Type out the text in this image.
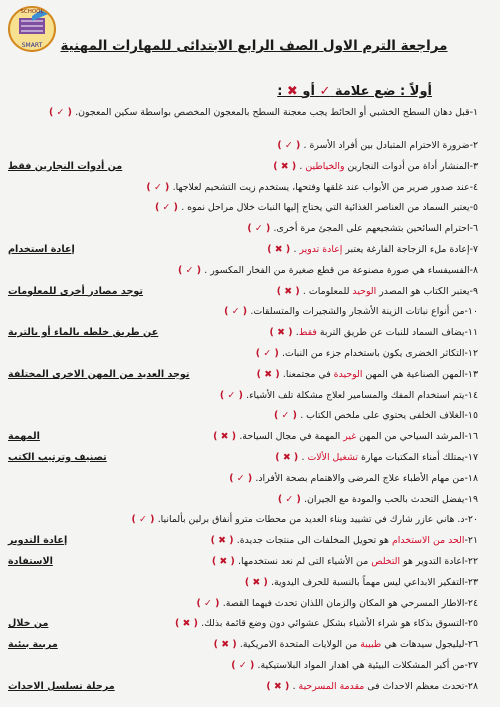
SCHOOL
SMART	مراجعة الترم الاول الصف الرابع الابتدائى للمهارات المهنية
أولاً : ضع علامة ✓ أو ✖ :
١-قبل دهان السطح الخشبي أو الحائط يجب معجنة السطح بالمعجون المخصص بواسطة سكين المعجون. ( ✓ )
٢-ضرورة الاحترام المتبادل بين أفراد الأسرة . ( ✓ )
٣-المنشار أداة من أدوات النجارين والخياطين . ( ✖ )
من أدوات النجارين فقط
٤-عند صدور صرير من الأبواب عند غلقها وفتحها، يستخدم زيت التشحيم لعلاجها. ( ✓ )
٥-يعتبر السماد من العناصر الغذائية التي يحتاج إليها النبات خلال مراحل نموه . ( ✓ )
٦-احترام السائحين بتشجيعهم على المجئ مرة أخرى. ( ✓ )
٧-إعادة ملء الزجاجة الفارغة يعتبر إعادة تدوير . ( ✖ )
إعادة استخدام
٨-الفسيفساء هي صورة مصنوعة من قطع صغيرة من الفخار المكسور . ( ✓ )
٩-يعتبر الكتاب هو المصدر الوحيد للمعلومات . ( ✖ )
توجد مصادر أخرى للمعلومات
١٠-من أنواع نباتات الزينة الأشجار والشجيرات والمتسلقات. ( ✓ )
١١-يضاف السماد للنبات عن طريق التربة فقط. ( ✖ )
عن طريق خلطه بالماء أو بالتربة
١٢-التكاثر الخضرى يكون باستخدام جزء من النبات. ( ✓ )
١٣-المهن الصناعية هي المهن الوحيدة في مجتمعنا. ( ✖ )
توجد العديد من المهن الاخرى المختلفة
١٤-يتم استخدام المفك والمسامير لعلاج مشكلة تلف الأشياء. ( ✓ )
١٥-الغلاف الخلفى يحتوي على ملخص الكتاب . ( ✓ )
١٦-المرشد السياحي من المهن غير المهمة في مجال السياحة. ( ✖ )
المهمة
١٧-يمتلك أمناء المكتبات مهارة تشغيل الألات . ( ✖ )
تصنيف وترتيب الكتب
١٨-من مهام الأطباء علاج المرضى والاهتمام بصحة الأفراد. ( ✓ )
١٩-يفضل التحدث بالحب والمودة مع الجيران. ( ✓ )
٢٠-د. هاني عازر شارك في تشييد وبناء العديد من محطات مترو أنفاق برلين بألمانيا. ( ✓ )
٢١-الحد من الاستخدام هو تحويل المخلفات الى منتجات جديدة. ( ✖ )
إعادة التدوير
٢٢-اعادة التدوير هو التخلص من الأشياء التى لم نعد نستخدمها. ( ✖ )
الاستفادة
٢٣-التفكير الابداعي ليس مهماً بالنسبة للحرف اليدوية. ( ✖ )
٢٤-الاطار المسرحي هو المكان والزمان اللذان تحدث فيهما القصة. ( ✓ )
٢٥-التسوق بذكاء هو شراء الأشياء بشكل عشوائي دون وضع قائمة بذلك. ( ✖ )
من خلال
٢٦-ليليجول سيدهات هي طبيبة من الولايات المتحدة الامريكية. ( ✖ )
مربية بيئية
٢٧-من أكبر المشكلات البيئية هي اهدار المواد البلاستيكية. ( ✓ )
٢٨-تحدث معظم الاحداث فى مقدمة المسرحية . ( ✖ )
مرحلة تسلسل الاحداث
